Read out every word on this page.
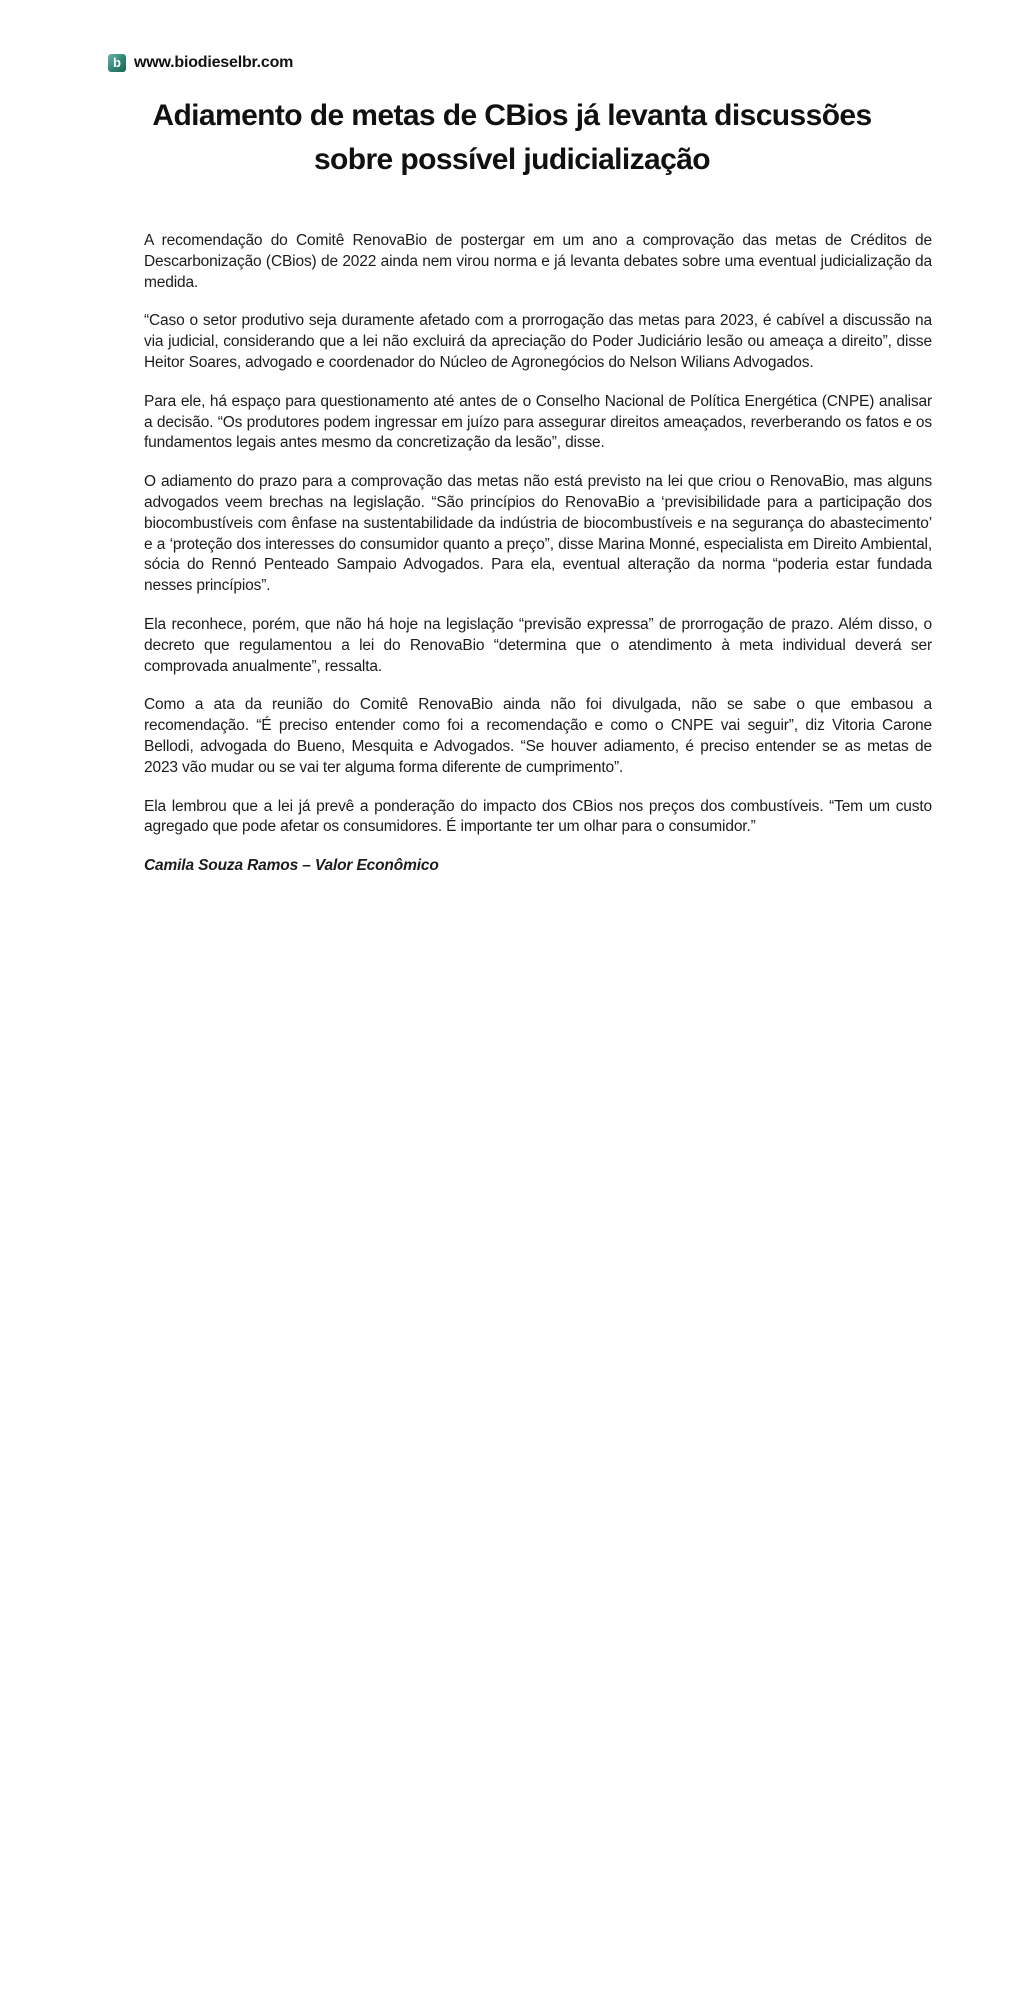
b www.biodieselbr.com
Adiamento de metas de CBios já levanta discussões
sobre possível judicialização

A recomendação do Comitê RenovaBio de postergar em um ano a comprovação das metas de Créditos de Descarbonização (CBios) de 2022 ainda nem virou norma e já levanta debates sobre uma eventual judicialização da medida.

“Caso o setor produtivo seja duramente afetado com a prorrogação das metas para 2023, é cabível a discussão na via judicial, considerando que a lei não excluirá da apreciação do Poder Judiciário lesão ou ameaça a direito”, disse Heitor Soares, advogado e coordenador do Núcleo de Agronegócios do Nelson Wilians Advogados.

Para ele, há espaço para questionamento até antes de o Conselho Nacional de Política Energética (CNPE) analisar a decisão. “Os produtores podem ingressar em juízo para assegurar direitos ameaçados, reverberando os fatos e os fundamentos legais antes mesmo da concretização da lesão”, disse.

O adiamento do prazo para a comprovação das metas não está previsto na lei que criou o RenovaBio, mas alguns advogados veem brechas na legislação. “São princípios do RenovaBio a ‘previsibilidade para a participação dos biocombustíveis com ênfase na sustentabilidade da indústria de biocombustíveis e na segurança do abastecimento’ e a ‘proteção dos interesses do consumidor quanto a preço”, disse Marina Monné, especialista em Direito Ambiental, sócia do Rennó Penteado Sampaio Advogados. Para ela, eventual alteração da norma “poderia estar fundada nesses princípios”.

Ela reconhece, porém, que não há hoje na legislação “previsão expressa” de prorrogação de prazo. Além disso, o decreto que regulamentou a lei do RenovaBio “determina que o atendimento à meta individual deverá ser comprovada anualmente”, ressalta.

Como a ata da reunião do Comitê RenovaBio ainda não foi divulgada, não se sabe o que embasou a recomendação. “É preciso entender como foi a recomendação e como o CNPE vai seguir”, diz Vitoria Carone Bellodi, advogada do Bueno, Mesquita e Advogados. “Se houver adiamento, é preciso entender se as metas de 2023 vão mudar ou se vai ter alguma forma diferente de cumprimento”.

Ela lembrou que a lei já prevê a ponderação do impacto dos CBios nos preços dos combustíveis. “Tem um custo agregado que pode afetar os consumidores. É importante ter um olhar para o consumidor.”

Camila Souza Ramos – Valor Econômico
